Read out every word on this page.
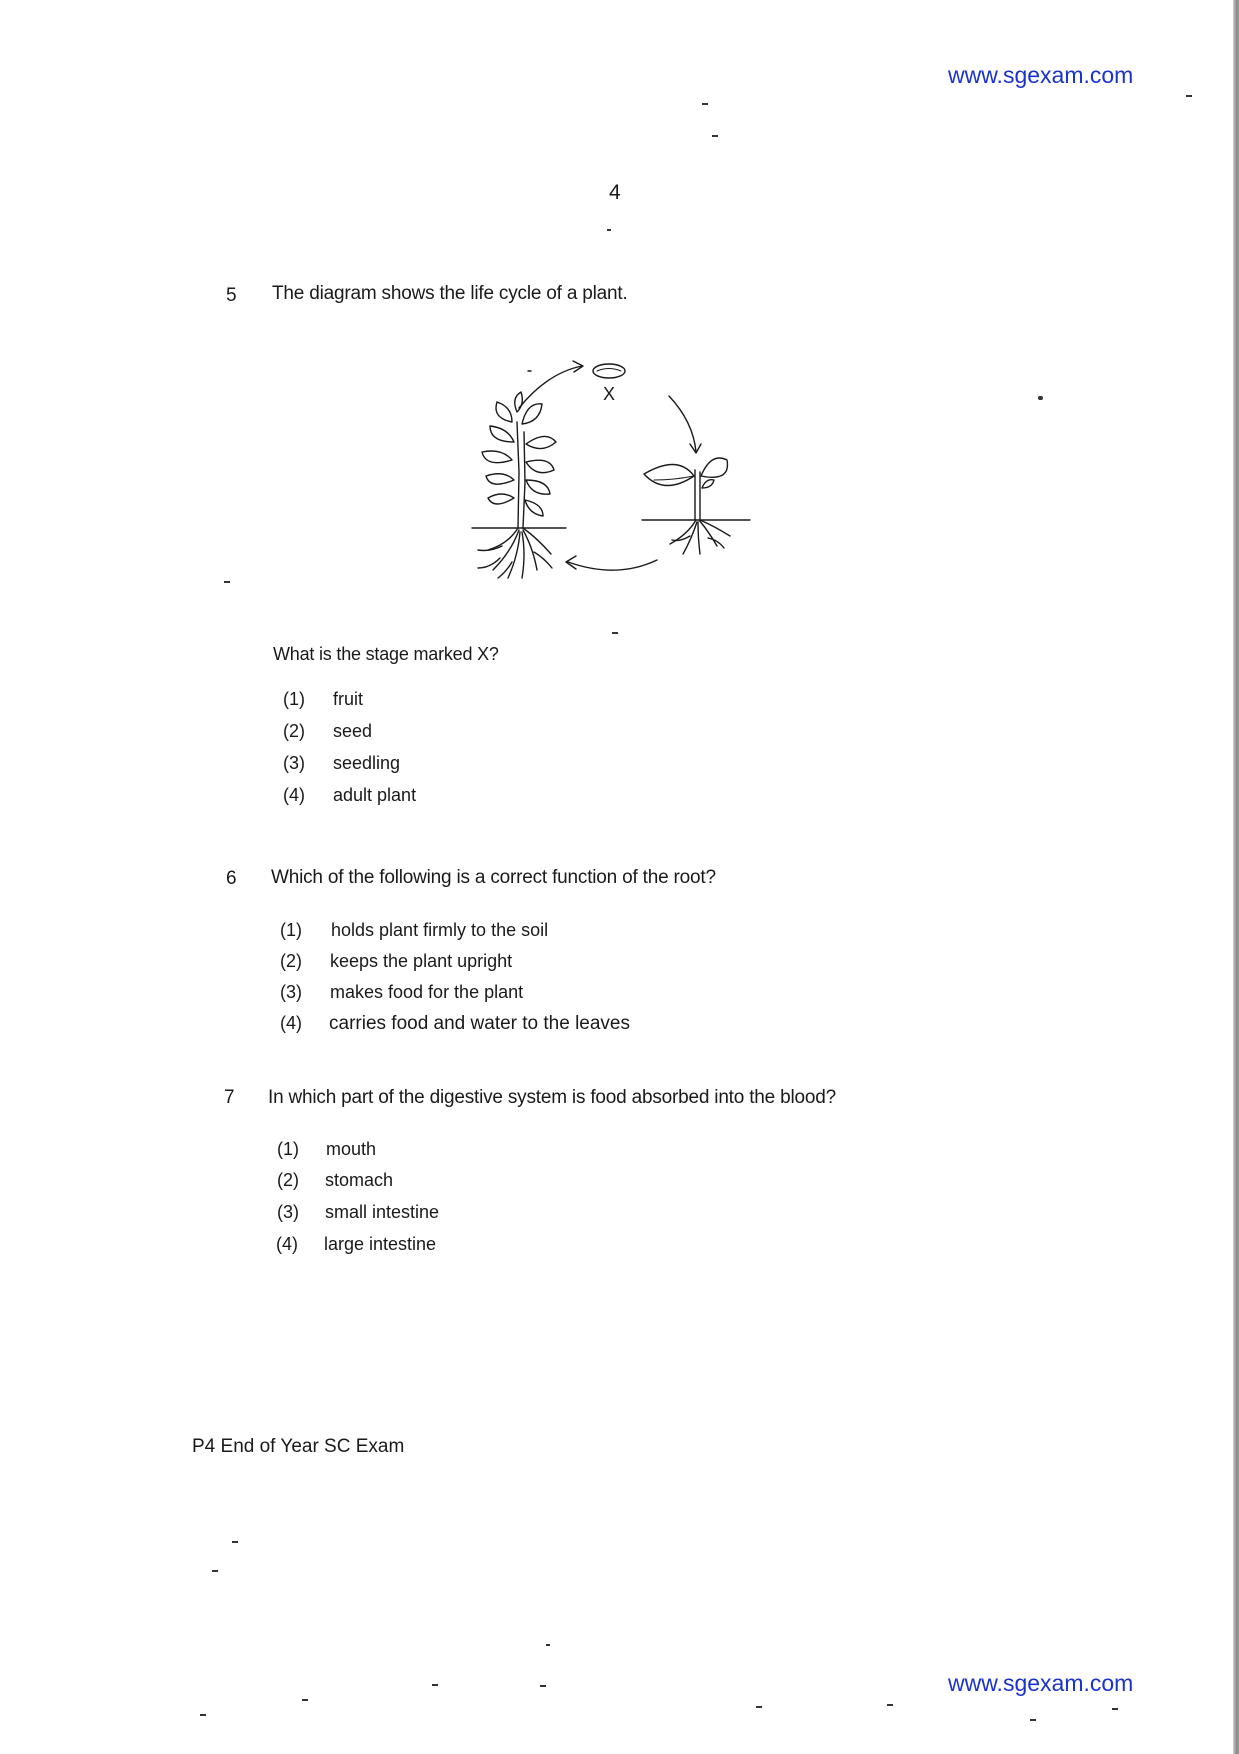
www.sgexam.com
4
5 The diagram shows the life cycle of a plant.
X
What is the stage marked X?
(1) fruit
(2) seed
(3) seedling
(4) adult plant
6 Which of the following is a correct function of the root?
(1) holds plant firmly to the soil
(2) keeps the plant upright
(3) makes food for the plant
(4) carries food and water to the leaves
7 In which part of the digestive system is food absorbed into the blood?
(1) mouth
(2) stomach
(3) small intestine
(4) large intestine
P4 End of Year SC Exam
www.sgexam.com
